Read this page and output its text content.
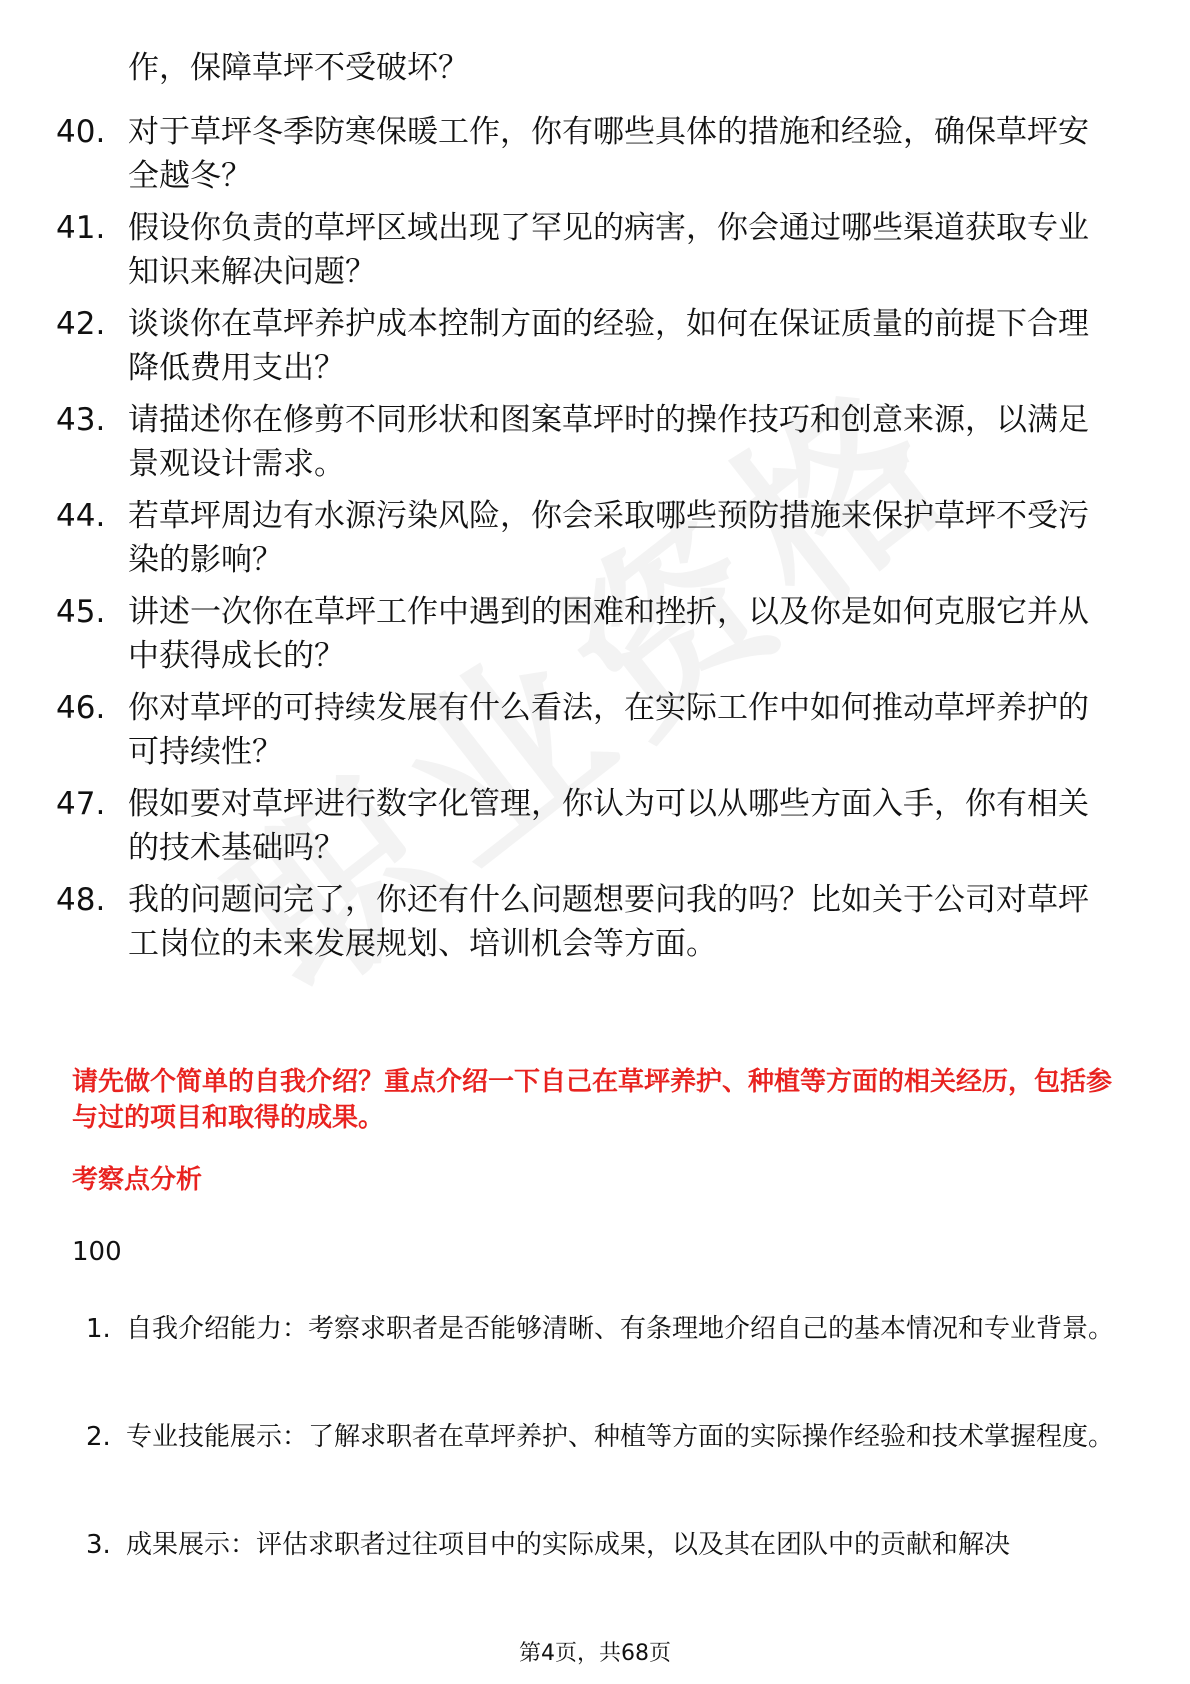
作，保障草坪不受破坏？
40. 对于草坪冬季防寒保暖工作，你有哪些具体的措施和经验，确保草坪安全越冬？
41. 假设你负责的草坪区域出现了罕见的病害，你会通过哪些渠道获取专业知识来解决问题？
42. 谈谈你在草坪养护成本控制方面的经验，如何在保证质量的前提下合理降低费用支出？
43. 请描述你在修剪不同形状和图案草坪时的操作技巧和创意来源，以满足景观设计需求。
44. 若草坪周边有水源污染风险，你会采取哪些预防措施来保护草坪不受污染的影响？
45. 讲述一次你在草坪工作中遇到的困难和挫折，以及你是如何克服它并从中获得成长的？
46. 你对草坪的可持续发展有什么看法，在实际工作中如何推动草坪养护的可持续性？
47. 假如要对草坪进行数字化管理，你认为可以从哪些方面入手，你有相关的技术基础吗？
48. 我的问题问完了，你还有什么问题想要问我的吗？比如关于公司对草坪工岗位的未来发展规划、培训机会等方面。
请先做个简单的自我介绍？重点介绍一下自己在草坪养护、种植等方面的相关经历，包括参与过的项目和取得的成果。
考察点分析
100
1. 自我介绍能力：考察求职者是否能够清晰、有条理地介绍自己的基本情况和专业背景。
2. 专业技能展示：了解求职者在草坪养护、种植等方面的实际操作经验和技术掌握程度。
3. 成果展示：评估求职者过往项目中的实际成果，以及其在团队中的贡献和解决
第4页，共68页
